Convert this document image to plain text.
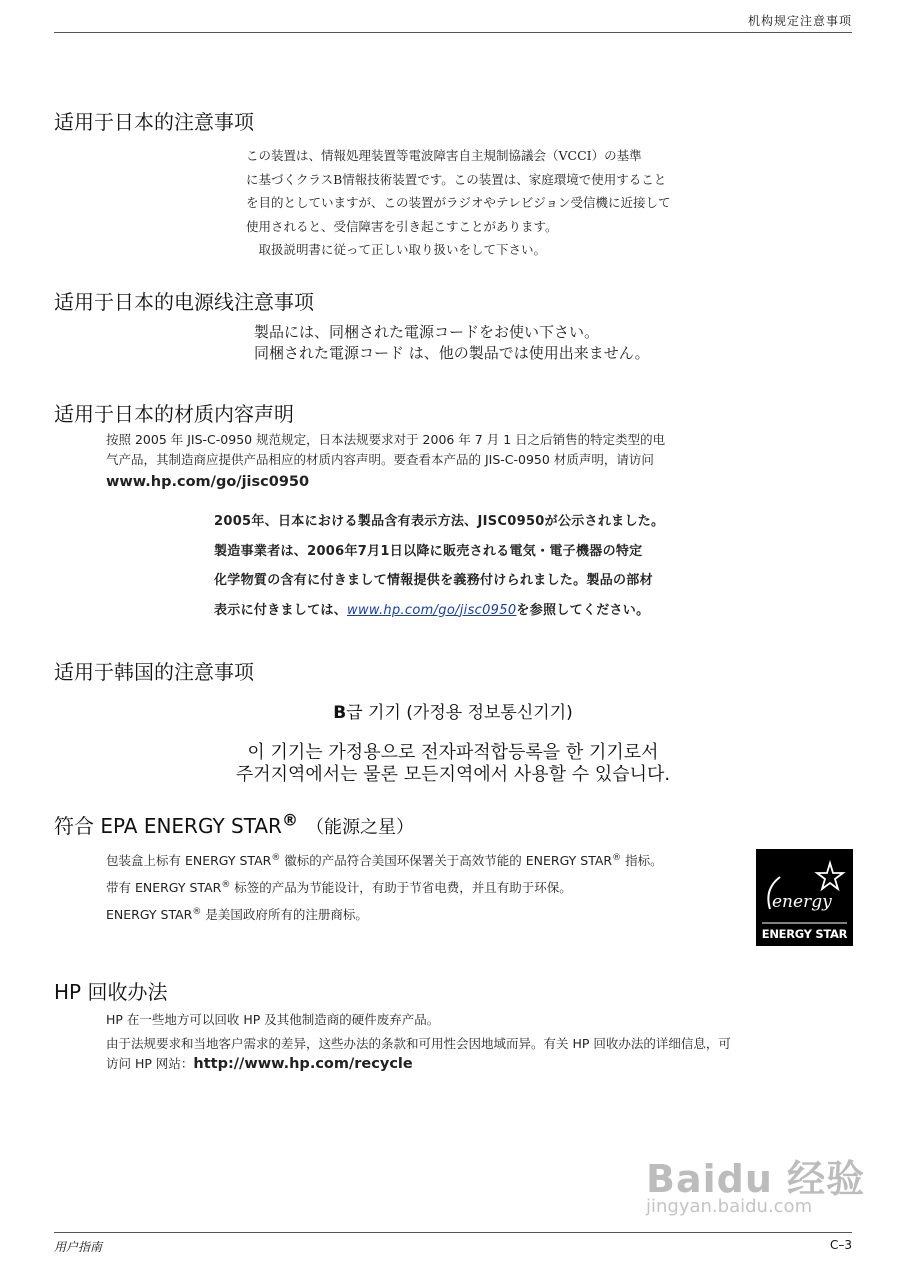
机构规定注意事项
适用于日本的注意事项
この装置は、情報処理装置等電波障害自主規制協議会（VCCI）の基準
に基づくクラスB情報技術装置です。この装置は、家庭環境で使用すること
を目的としていますが、この装置がラジオやテレビジョン受信機に近接して
使用されると、受信障害を引き起こすことがあります。
　取扱説明書に従って正しい取り扱いをして下さい。
适用于日本的电源线注意事项
製品には、同梱された電源コードをお使い下さい。
同梱された電源コード は、他の製品では使用出来ません。
适用于日本的材质内容声明
按照 2005 年 JIS-C-0950 规范规定，日本法规要求对于 2006 年 7 月 1 日之后销售的特定类型的电
气产品，其制造商应提供产品相应的材质内容声明。要查看本产品的 JIS-C-0950 材质声明，请访问
www.hp.com/go/jisc0950
2005年、日本における製品含有表示方法、JISC0950が公示されました。
製造事業者は、2006年7月1日以降に販売される電気・電子機器の特定
化学物質の含有に付きまして情報提供を義務付けられました。製品の部材
表示に付きましては、www.hp.com/go/jisc0950を参照してください。
适用于韩国的注意事项
B급 기기 (가정용 정보통신기기)
이 기기는 가정용으로 전자파적합등록을 한 기기로서
주거지역에서는 물론 모든지역에서 사용할 수 있습니다.
符合 EPA ENERGY STAR® （能源之星）
包装盒上标有 ENERGY STAR® 徽标的产品符合美国环保署关于高效节能的 ENERGY STAR® 指标。
带有 ENERGY STAR® 标签的产品为节能设计，有助于节省电费，并且有助于环保。
ENERGY STAR® 是美国政府所有的注册商标。
energy
ENERGY STAR
HP 回收办法
HP 在一些地方可以回收 HP 及其他制造商的硬件废弃产品。
由于法规要求和当地客户需求的差异，这些办法的条款和可用性会因地域而异。有关 HP 回收办法的详细信息，可
访问 HP 网站：http://www.hp.com/recycle
Baidu 经验
jingyan.baidu.com
用户指南	C–3
